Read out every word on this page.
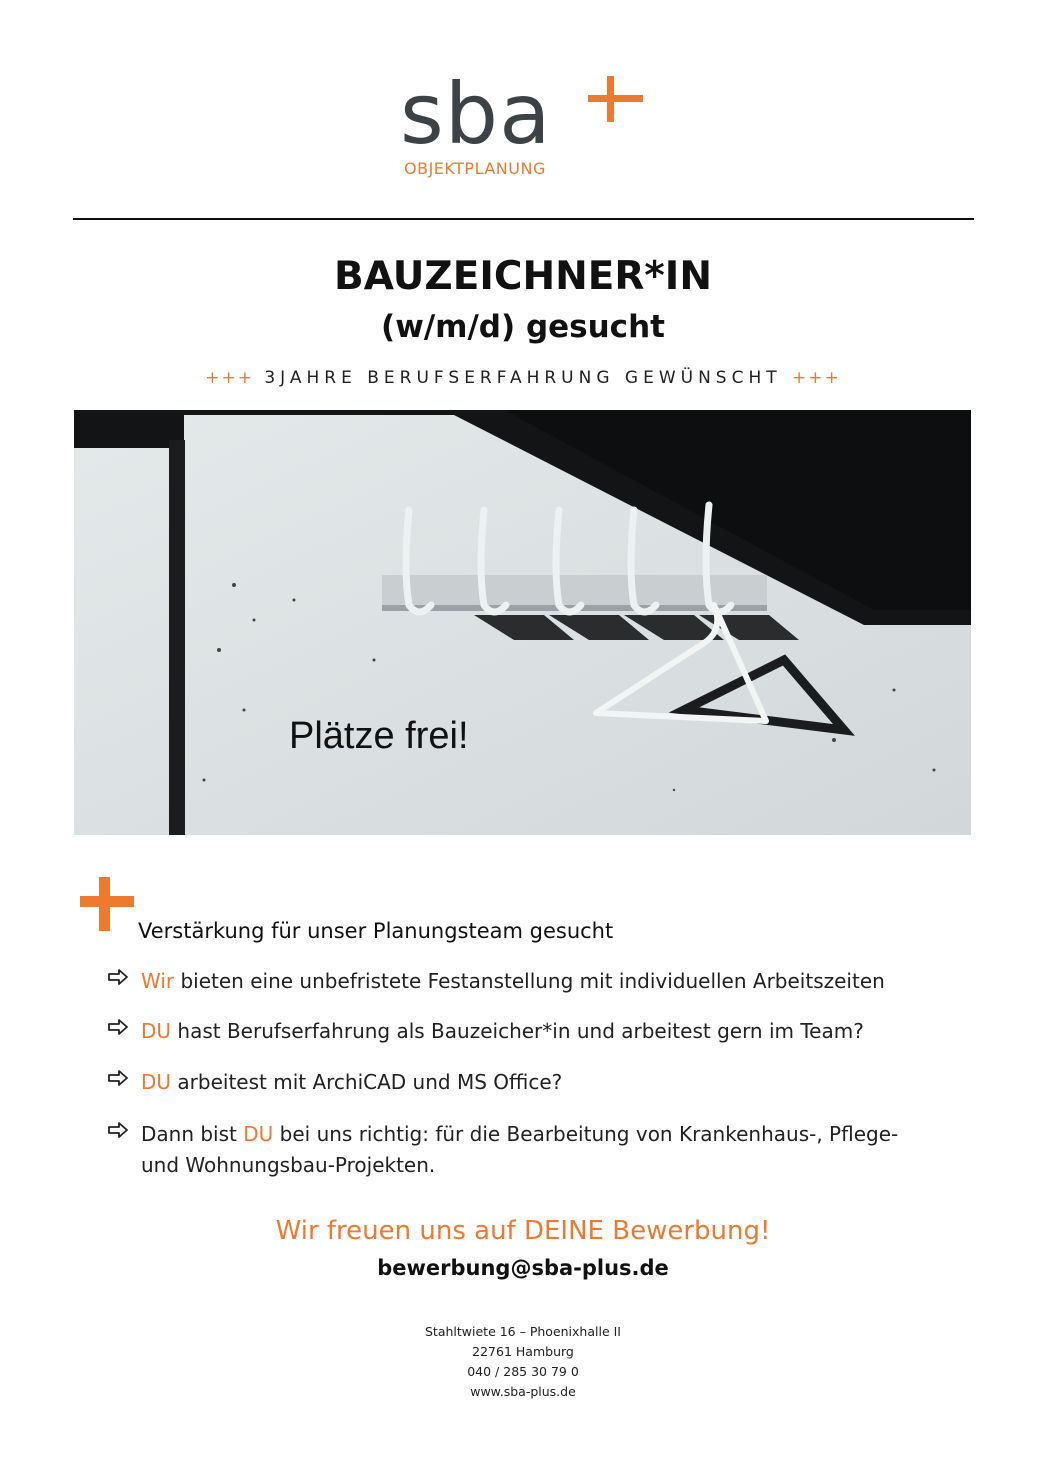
sba
OBJEKTPLANUNG
BAUZEICHNER*IN
(w/m/d) gesucht
+++ 3JAHRE BERUFSERFAHRUNG GEWÜNSCHT +++
Plätze frei!
Verstärkung für unser Planungsteam gesucht
Wir bieten eine unbefristete Festanstellung mit individuellen Arbeitszeiten
DU hast Berufserfahrung als Bauzeicher*in und arbeitest gern im Team?
DU arbeitest mit ArchiCAD und MS Office?
Dann bist DU bei uns richtig: für die Bearbeitung von Krankenhaus-, Pflege-
und Wohnungsbau-Projekten.
Wir freuen uns auf DEINE Bewerbung!
bewerbung@sba-plus.de
Stahltwiete 16 – Phoenixhalle II
22761 Hamburg
040 / 285 30 79 0
www.sba-plus.de
